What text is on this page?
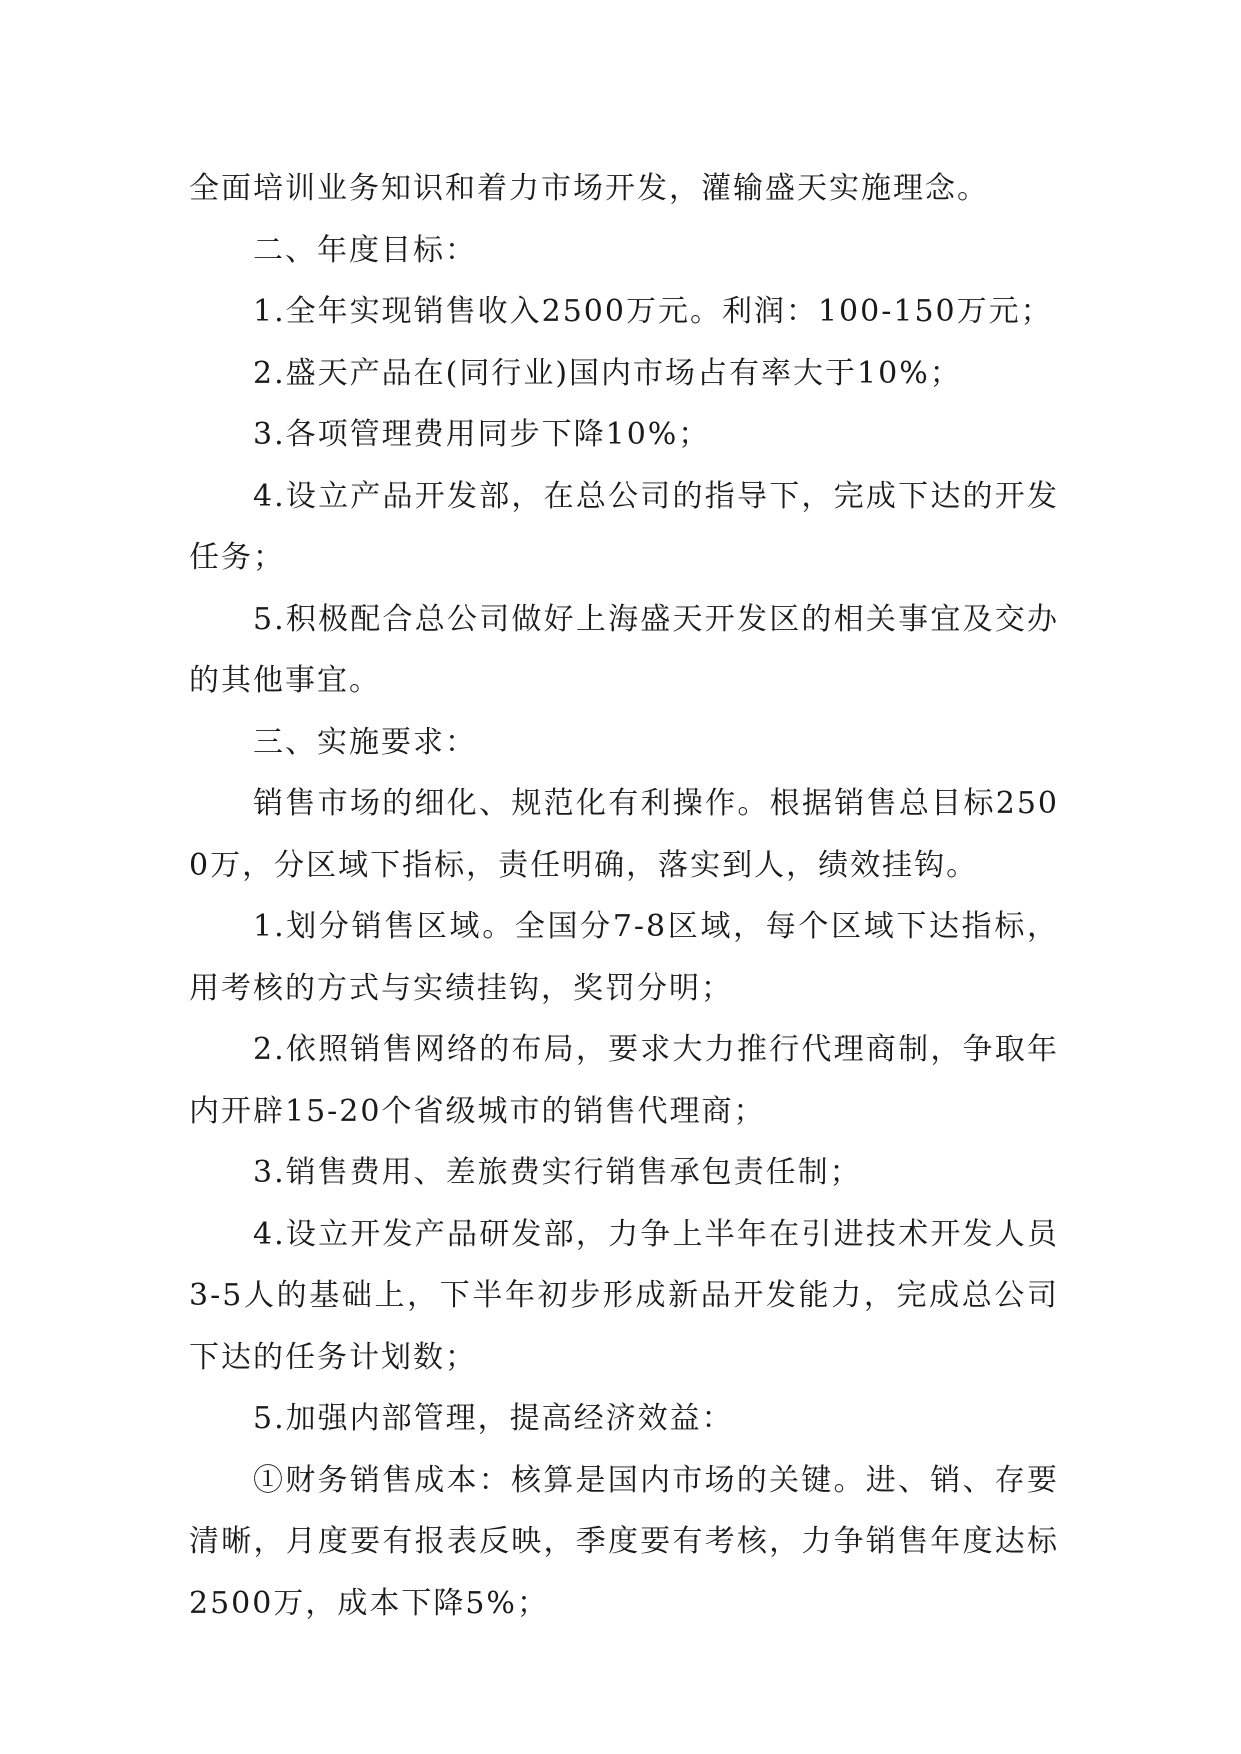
全面培训业务知识和着力市场开发，灌输盛天实施理念。

二、年度目标：

1.全年实现销售收入2500万元。利润：100-150万元；

2.盛天产品在(同行业)国内市场占有率大于10%；

3.各项管理费用同步下降10%；

4.设立产品开发部，在总公司的指导下，完成下达的开发任务；

5.积极配合总公司做好上海盛天开发区的相关事宜及交办的其他事宜。

三、实施要求：

销售市场的细化、规范化有利操作。根据销售总目标2500万，分区域下指标，责任明确，落实到人，绩效挂钩。

1.划分销售区域。全国分7-8区域，每个区域下达指标，用考核的方式与实绩挂钩，奖罚分明；

2.依照销售网络的布局，要求大力推行代理商制，争取年内开辟15-20个省级城市的销售代理商；

3.销售费用、差旅费实行销售承包责任制；

4.设立开发产品研发部，力争上半年在引进技术开发人员3-5人的基础上，下半年初步形成新品开发能力，完成总公司下达的任务计划数；

5.加强内部管理，提高经济效益：

①财务销售成本：核算是国内市场的关键。进、销、存要清晰，月度要有报表反映，季度要有考核，力争销售年度达标2500万，成本下降5%；
